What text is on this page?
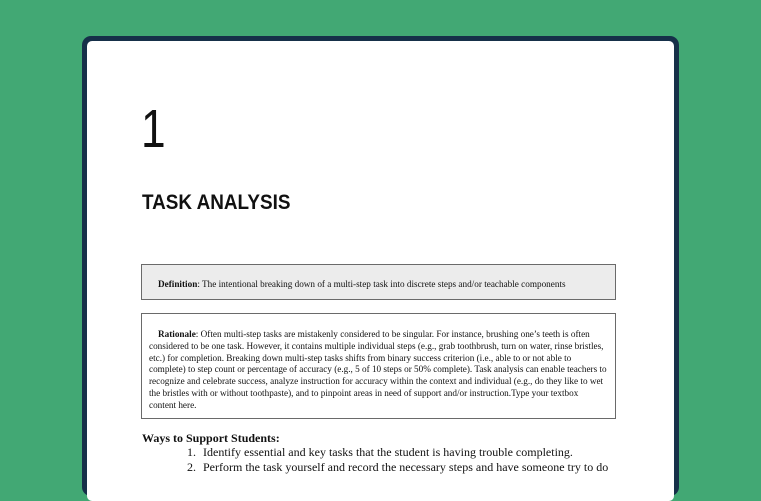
1
TASK ANALYSIS
Definition: The intentional breaking down of a multi-step task into discrete steps and/or teachable components
Rationale: Often multi-step tasks are mistakenly considered to be singular. For instance, brushing one’s teeth is often considered to be one task. However, it contains multiple individual steps (e.g., grab toothbrush, turn on water, rinse bristles, etc.) for completion. Breaking down multi-step tasks shifts from binary success criterion (i.e., able to or not able to complete) to step count or percentage of accuracy (e.g., 5 of 10 steps or 50% complete). Task analysis can enable teachers to recognize and celebrate success, analyze instruction for accuracy within the context and individual (e.g., do they like to wet the bristles with or without toothpaste), and to pinpoint areas in need of support and/or instruction.Type your textbox content here.
Ways to Support Students:
1. Identify essential and key tasks that the student is having trouble completing.
2. Perform the task yourself and record the necessary steps and have someone try to do
